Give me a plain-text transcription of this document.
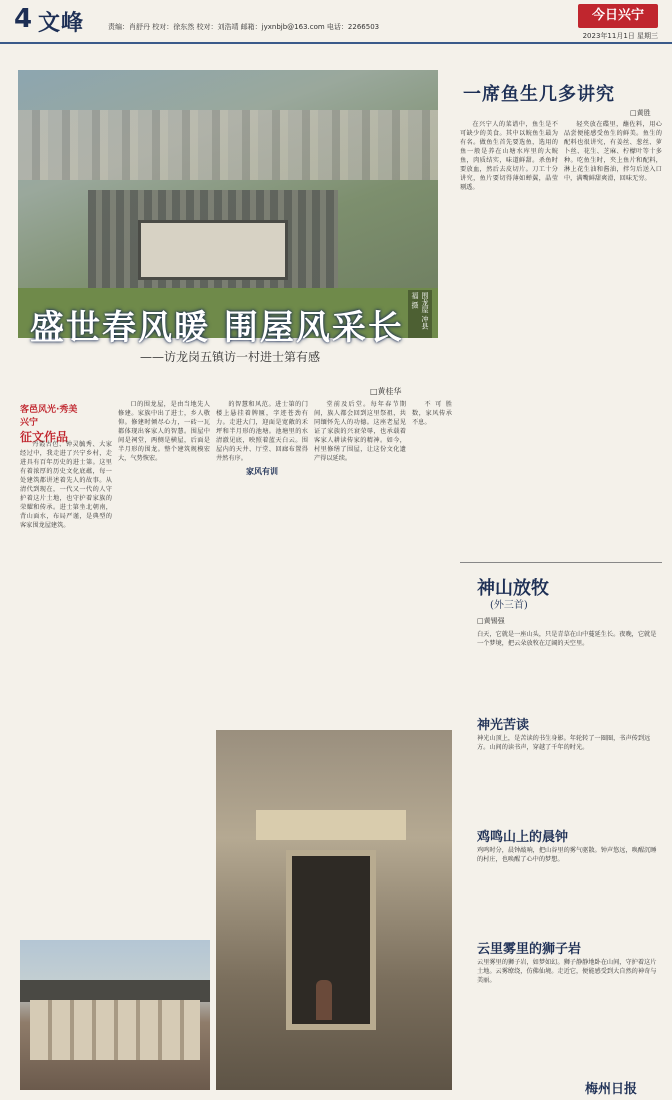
4 文峰	责编：肖舒丹 校对：徐东然 校对：刘浩靖 邮箱：jyxnbjb@163.com 电话：2266503
今日兴宁
2023年11月1日 星期三
围龙屋 冲县福 摄
盛世春风暖 围屋风采长
——访龙岗五镇访一村进士第有感
□黄桂华
客邑风光·秀美兴宁
征文作品

丹霞古色、钟灵毓秀、大家经过中，我走进了兴宁乡村，走进具有百年历史的进士第。这里有着浓厚的历史文化底蕴，每一处建筑都讲述着先人的故事。从清代到现在，一代又一代的人守护着这片土地，也守护着家族的荣耀和传承。进士第坐北朝南，背山面水，布局严谨，是典型的客家围龙屋建筑。

口的围龙屋，是由当地先人修建。家族中出了进士，乡人敬仰。修建时倾尽心力，一砖一瓦都体现出客家人的智慧。围屋中间是祠堂，两侧是横屋，后面是半月形的围龙。整个建筑规模宏大，气势恢宏。

的智慧和风范。进士第的门楼上悬挂着牌匾，字迹苍劲有力。走进大门，迎面是宽敞的禾坪和半月形的池塘。池塘里的水清澈见底，映照着蓝天白云。围屋内的天井、厅堂、回廊布置得井然有序。

家风有训

堂前及后堂。每年春节期间，族人都会回到这里祭祖，共同缅怀先人的功德。这座老屋见证了家族的兴衰荣辱，也承载着客家人耕读传家的精神。如今，村里修缮了围屋，让这份文化遗产得以延续。

不可胜数，家风传承不息。

一席鱼生几多讲究
□黄胜

在兴宁人的菜谱中，鱼生是不可缺少的美食。其中以鲩鱼生最为有名。做鱼生首先要选鱼，选用的鱼一般是养在山塘水库里的大鲩鱼，肉质结实，味道鲜甜。杀鱼时要放血，然后去皮切片。刀工十分讲究，鱼片要切得薄如蝉翼，晶莹剔透。

轻夹放在碟里，蘸佐料，用心品尝便能感受鱼生的鲜美。鱼生的配料也很讲究，有姜丝、葱丝、萝卜丝、花生、芝麻、柠檬叶等十多种。吃鱼生时，夹上鱼片和配料，淋上花生油和酱油，拌匀后送入口中，满嘴鲜甜爽滑，回味无穷。

神山放牧
(外三首)
□黄锡强
白天，它就是一座山头，只是青草在山中蔓延生长。夜晚，它就是一个梦境，把云朵放牧在辽阔的天空里。
神光苦读
神光山顶上，是苦读的书生身影。年轮转了一圈圈，书声传到远方。山间的读书声，穿越了千年的时光。
鸡鸣山上的晨钟
鸡鸣时分，晨钟敲响，把山谷里的雾气驱散。钟声悠远，唤醒沉睡的村庄，也唤醒了心中的梦想。
云里雾里的狮子岩
云里雾里的狮子岩，如梦如幻。狮子静静地卧在山间，守护着这片土地。云雾缭绕，仿佛仙境。走近它，便能感受到大自然的神奇与美丽。
梅州日报
